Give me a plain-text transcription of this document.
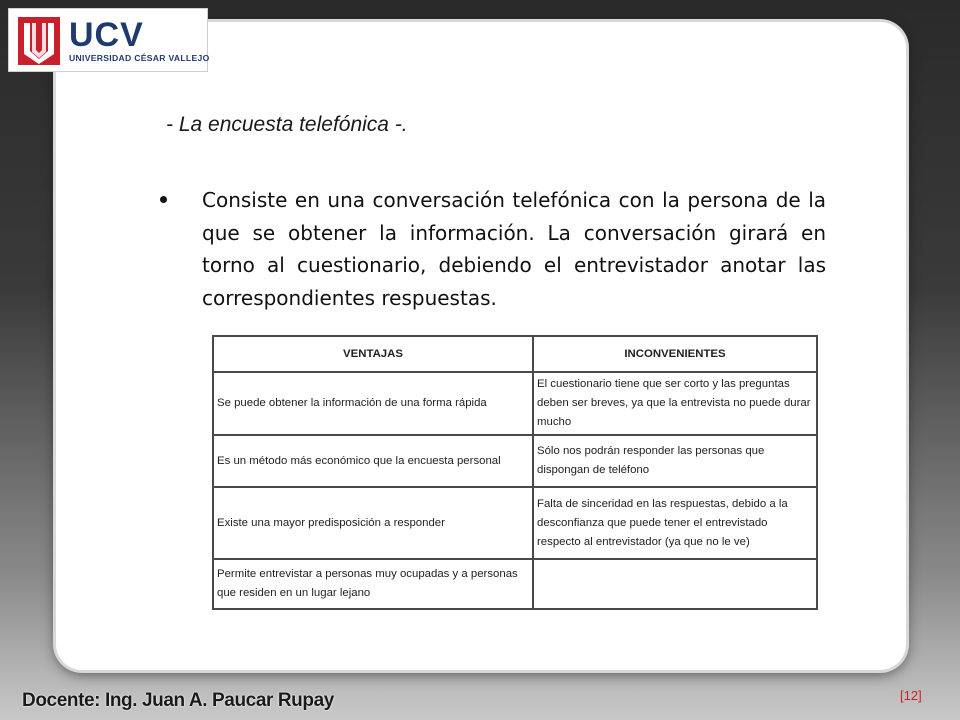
UCV
UNIVERSIDAD CÉSAR VALLEJO
- La encuesta telefónica -.
Consiste en una conversación telefónica con la persona de la que se obtener la información. La conversación girará en torno al cuestionario, debiendo el entrevistador anotar las correspondientes respuestas.
VENTAJAS	INCONVENIENTES
Se puede obtener la información de una forma rápida	El cuestionario tiene que ser corto y las preguntas deben ser breves, ya que la entrevista no puede durar mucho
Es un método más económico que la encuesta personal	Sólo nos podrán responder las personas que dispongan de teléfono
Existe una mayor predisposición a responder	Falta de sinceridad en las respuestas, debido a la desconfianza que puede tener el entrevistado respecto al entrevistador (ya que no le ve)
Permite entrevistar a personas muy ocupadas y a personas que residen en un lugar lejano	
Docente: Ing. Juan A. Paucar Rupay	[12]
